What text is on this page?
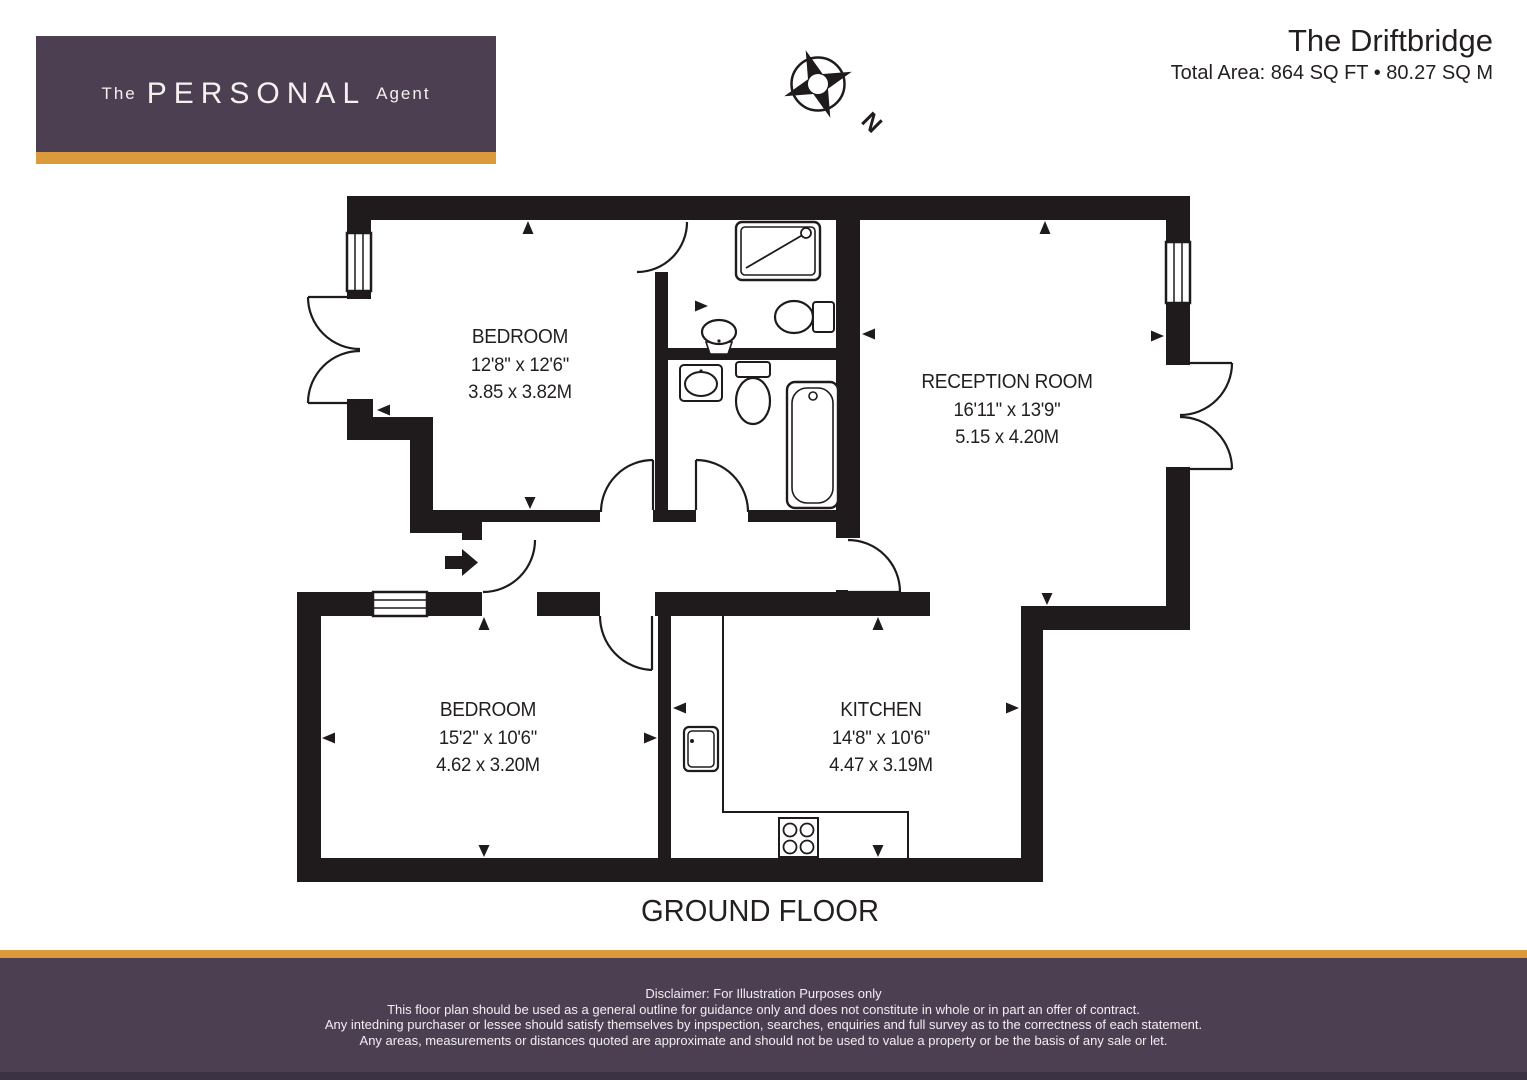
The PERSONAL Agent
The Driftbridge
Total Area: 864 SQ FT • 80.27 SQ M
N
BEDROOM
12'8'' x 12'6''
3.85 x 3.82M	RECEPTION ROOM
16'11'' x 13'9''
5.15 x 4.20M
BEDROOM
15'2'' x 10'6''
4.62 x 3.20M
KITCHEN
14'8'' x 10'6''
4.47 x 3.19M
GROUND FLOOR
Disclaimer: For Illustration Purposes only
This floor plan should be used as a general outline for guidance only and does not constitute in whole or in part an offer of contract.
Any intedning purchaser or lessee should satisfy themselves by inpspection, searches, enquiries and full survey as to the correctness of each statement.
Any areas, measurements or distances quoted are approximate and should not be used to value a property or be the basis of any sale or let.
